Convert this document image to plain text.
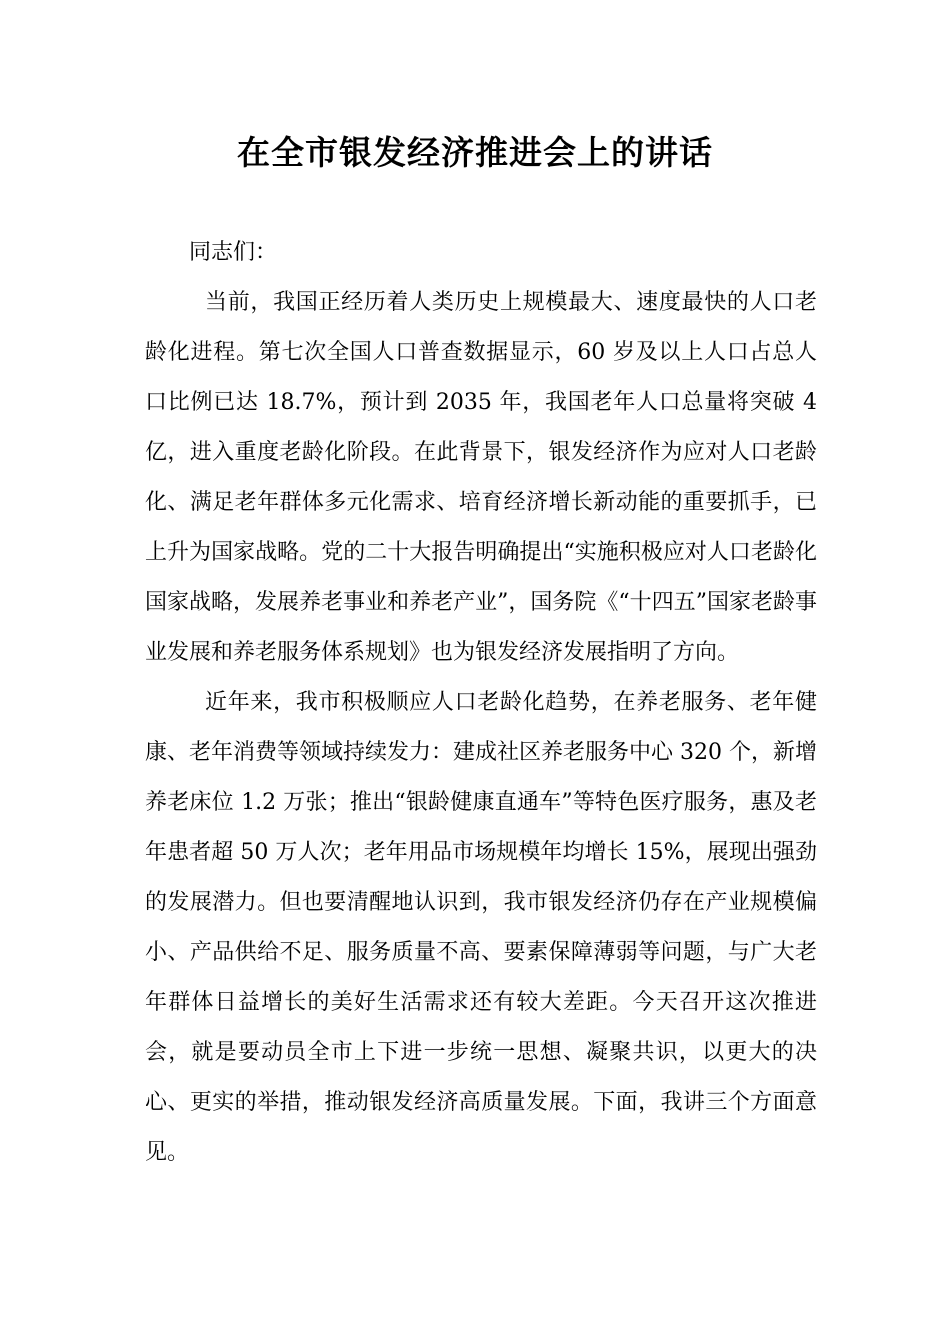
在全市银发经济推进会上的讲话

同志们：

当前，我国正经历着人类历史上规模最大、速度最快的人口老龄化进程。第七次全国人口普查数据显示，60 岁及以上人口占总人口比例已达 18.7%，预计到 2035 年，我国老年人口总量将突破 4 亿，进入重度老龄化阶段。在此背景下，银发经济作为应对人口老龄化、满足老年群体多元化需求、培育经济增长新动能的重要抓手，已上升为国家战略。党的二十大报告明确提出“实施积极应对人口老龄化国家战略，发展养老事业和养老产业”，国务院《“十四五”国家老龄事业发展和养老服务体系规划》也为银发经济发展指明了方向。

近年来，我市积极顺应人口老龄化趋势，在养老服务、老年健康、老年消费等领域持续发力：建成社区养老服务中心 320 个，新增养老床位 1.2 万张；推出“银龄健康直通车”等特色医疗服务，惠及老年患者超 50 万人次；老年用品市场规模年均增长 15%，展现出强劲的发展潜力。但也要清醒地认识到，我市银发经济仍存在产业规模偏小、产品供给不足、服务质量不高、要素保障薄弱等问题，与广大老年群体日益增长的美好生活需求还有较大差距。今天召开这次推进会，就是要动员全市上下进一步统一思想、凝聚共识，以更大的决心、更实的举措，推动银发经济高质量发展。下面，我讲三个方面意见。
